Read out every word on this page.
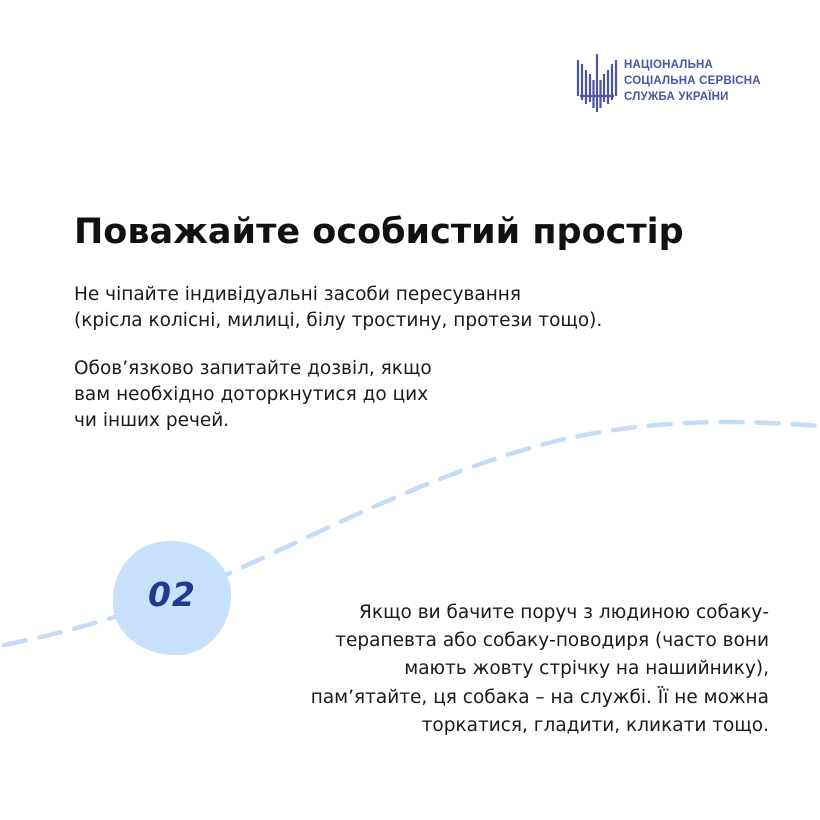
НАЦІОНАЛЬНА
СОЦІАЛЬНА СЕРВІСНА
СЛУЖБА УКРАЇНИ

Поважайте особистий простір

Не чіпайте індивідуальні засоби пересування
(крісла колісні, милиці, білу тростину, протези тощо).

Обов’язково запитайте дозвіл, якщо
вам необхідно доторкнутися до цих
чи інших речей.

02	Якщо ви бачите поруч з людиною собаку-
терапевта або собаку-поводиря (часто вони
мають жовту стрічку на нашийнику),
пам’ятайте, ця собака – на службі. Її не можна
торкатися, гладити, кликати тощо.
